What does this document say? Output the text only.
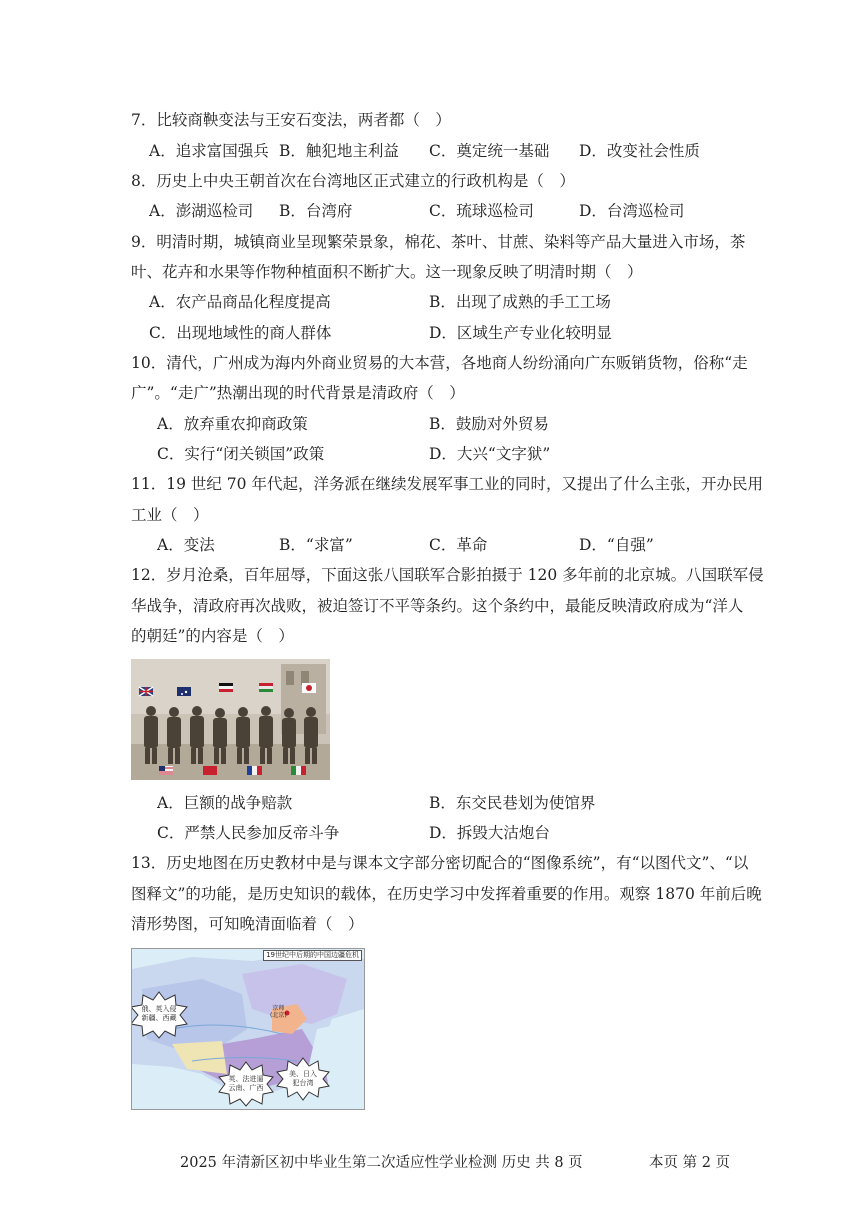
7．比较商鞅变法与王安石变法，两者都（　）
A．追求富国强兵 B．触犯地主利益 C．奠定统一基础 D．改变社会性质
8．历史上中央王朝首次在台湾地区正式建立的行政机构是（　）
A．澎湖巡检司 B．台湾府	C．琉球巡检司	D．台湾巡检司
9．明清时期，城镇商业呈现繁荣景象，棉花、茶叶、甘蔗、染料等产品大量进入市场，茶
叶、花卉和水果等作物种植面积不断扩大。这一现象反映了明清时期（　）
A．农产品商品化程度提高	B．出现了成熟的手工工场
C．出现地域性的商人群体	D．区域生产专业化较明显
10．清代，广州成为海内外商业贸易的大本营，各地商人纷纷涌向广东贩销货物，俗称“走
广”。“走广”热潮出现的时代背景是清政府（　）
A．放弃重农抑商政策	B．鼓励对外贸易
C．实行“闭关锁国”政策	D．大兴“文字狱”
11．19 世纪 70 年代起，洋务派在继续发展军事工业的同时，又提出了什么主张，开办民用
工业（　）
A．变法	B．“求富”	C．革命	D．“自强”
12．岁月沧桑，百年屈辱，下面这张八国联军合影拍摄于 120 多年前的北京城。八国联军侵
华战争，清政府再次战败，被迫签订不平等条约。这个条约中，最能反映清政府成为“洋人
的朝廷”的内容是（　）
A．巨额的战争赔款	B．东交民巷划为使馆界
C．严禁人民参加反帝斗争	D．拆毁大沽炮台
13．历史地图在历史教材中是与课本文字部分密切配合的“图像系统”，有“以图代文”、“以
图释文”的功能，是历史知识的载体，在历史学习中发挥着重要的作用。观察 1870 年前后晚
清形势图，可知晚清面临着（　）
19世纪中后期的中国边疆危机
京师
(北京)
俄、英入侵
新疆、西藏
英、法进逼
云南、广西
美、日入
犯台湾
2025 年清新区初中毕业生第二次适应性学业检测 历史 共 8 页	本页 第 2 页
